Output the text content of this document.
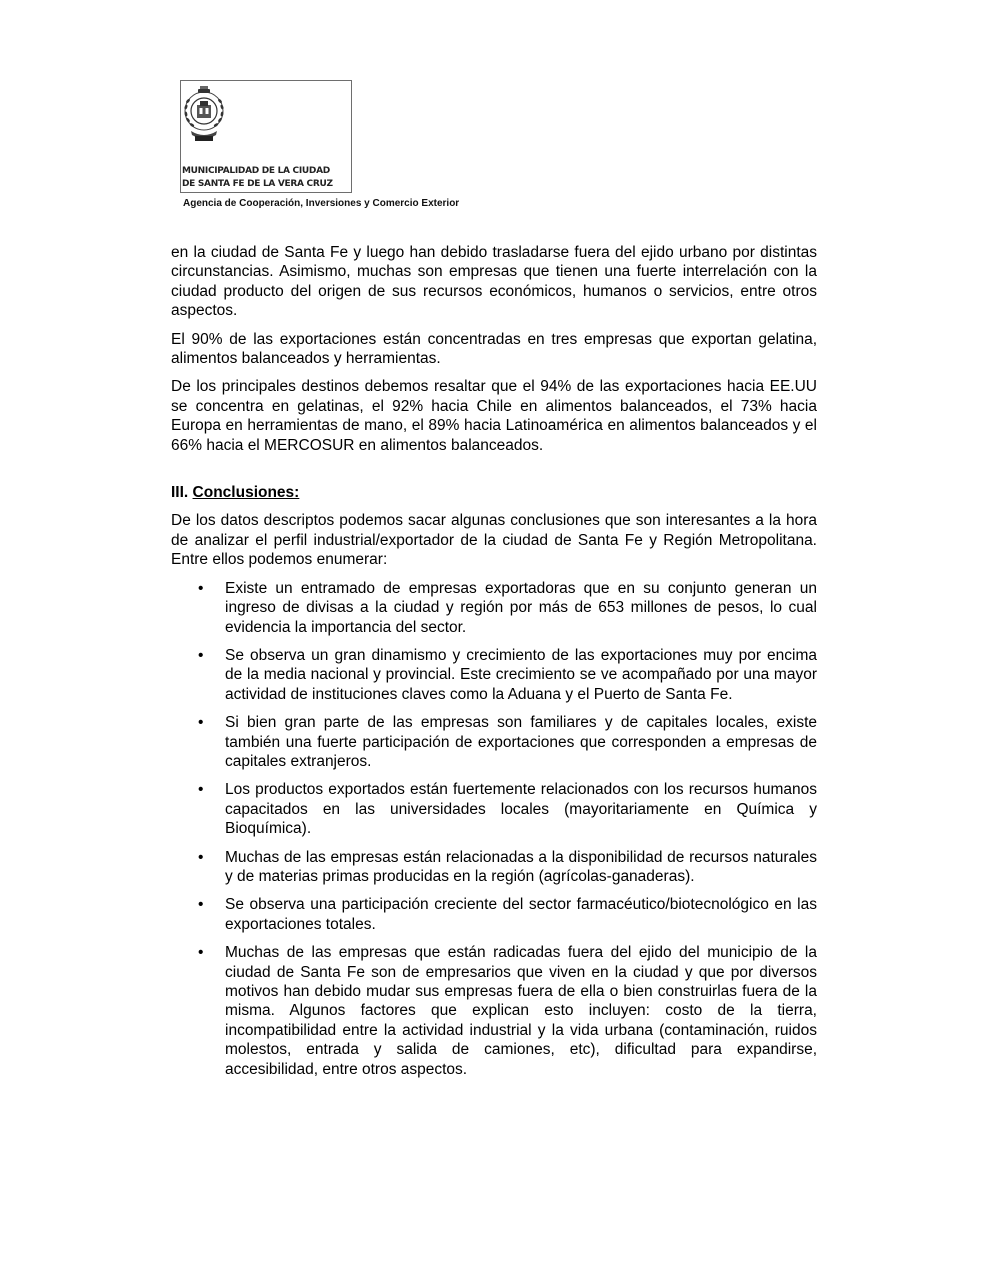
MUNICIPALIDAD DE LA CIUDAD
DE SANTA FE DE LA VERA CRUZ
Agencia de Cooperación, Inversiones y Comercio Exterior

en la ciudad de Santa Fe y luego han debido trasladarse fuera del ejido urbano por distintas circunstancias. Asimismo, muchas son empresas que tienen una fuerte interrelación con la ciudad producto del origen de sus recursos económicos, humanos o servicios, entre otros aspectos.

El 90% de las exportaciones están concentradas en tres empresas que exportan gelatina, alimentos balanceados y herramientas.

De los principales destinos debemos resaltar que el 94% de las exportaciones hacia EE.UU se concentra en gelatinas, el 92% hacia Chile en alimentos balanceados, el 73% hacia Europa en herramientas de mano, el 89% hacia Latinoamérica en alimentos balanceados y el 66% hacia el MERCOSUR en alimentos balanceados.

III. Conclusiones:

De los datos descriptos podemos sacar algunas conclusiones que son interesantes a la hora de analizar el perfil industrial/exportador de la ciudad de Santa Fe y Región Metropolitana. Entre ellos podemos enumerar:

• Existe un entramado de empresas exportadoras que en su conjunto generan un ingreso de divisas a la ciudad y región por más de 653 millones de pesos, lo cual evidencia la importancia del sector.
• Se observa un gran dinamismo y crecimiento de las exportaciones muy por encima de la media nacional y provincial. Este crecimiento se ve acompañado por una mayor actividad de instituciones claves como la Aduana y el Puerto de Santa Fe.
• Si bien gran parte de las empresas son familiares y de capitales locales, existe también una fuerte participación de exportaciones que corresponden a empresas de capitales extranjeros.
• Los productos exportados están fuertemente relacionados con los recursos humanos capacitados en las universidades locales (mayoritariamente en Química y Bioquímica).
• Muchas de las empresas están relacionadas a la disponibilidad de recursos naturales y de materias primas producidas en la región (agrícolas-ganaderas).
• Se observa una participación creciente del sector farmacéutico/biotecnológico en las exportaciones totales.
• Muchas de las empresas que están radicadas fuera del ejido del municipio de la ciudad de Santa Fe son de empresarios que viven en la ciudad y que por diversos motivos han debido mudar sus empresas fuera de ella o bien construirlas fuera de la misma. Algunos factores que explican esto incluyen: costo de la tierra, incompatibilidad entre la actividad industrial y la vida urbana (contaminación, ruidos molestos, entrada y salida de camiones, etc), dificultad para expandirse, accesibilidad, entre otros aspectos.
